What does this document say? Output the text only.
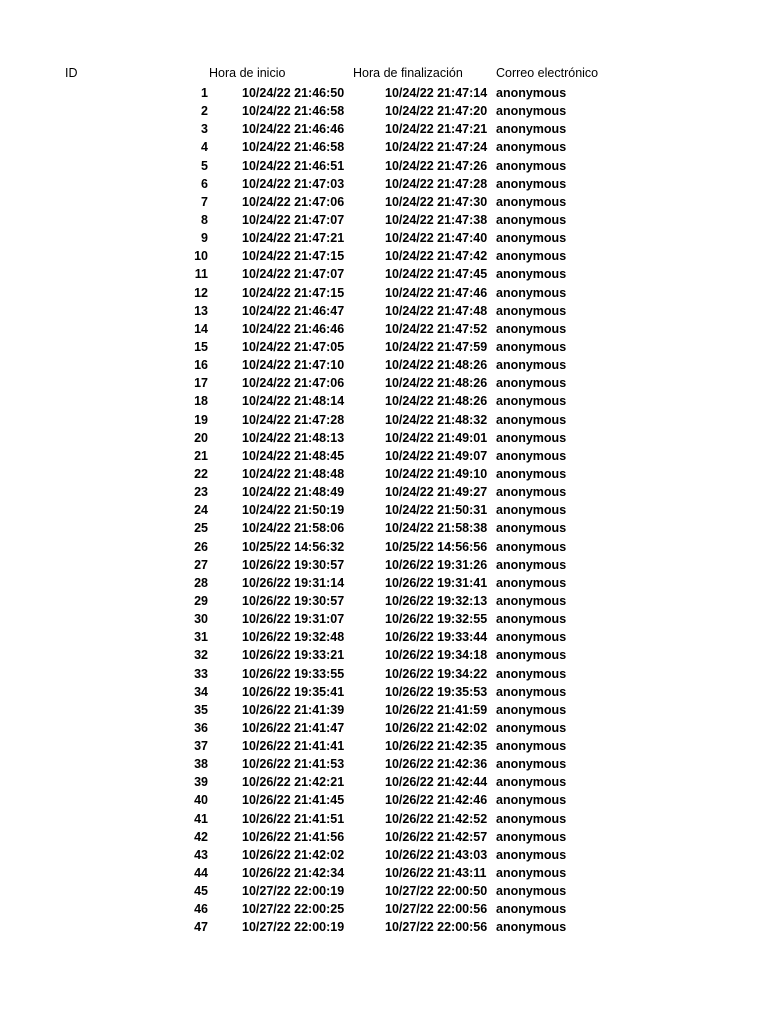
ID	Hora de inicio	Hora de finalización	Correo electrónico
1	10/24/22 21:46:50	10/24/22 21:47:14 anonymous
2	10/24/22 21:46:58	10/24/22 21:47:20 anonymous
3	10/24/22 21:46:46	10/24/22 21:47:21 anonymous
4	10/24/22 21:46:58	10/24/22 21:47:24 anonymous
5	10/24/22 21:46:51	10/24/22 21:47:26 anonymous
6	10/24/22 21:47:03	10/24/22 21:47:28 anonymous
7	10/24/22 21:47:06	10/24/22 21:47:30 anonymous
8	10/24/22 21:47:07	10/24/22 21:47:38 anonymous
9	10/24/22 21:47:21	10/24/22 21:47:40 anonymous
10	10/24/22 21:47:15	10/24/22 21:47:42 anonymous
11	10/24/22 21:47:07	10/24/22 21:47:45 anonymous
12	10/24/22 21:47:15	10/24/22 21:47:46 anonymous
13	10/24/22 21:46:47	10/24/22 21:47:48 anonymous
14	10/24/22 21:46:46	10/24/22 21:47:52 anonymous
15	10/24/22 21:47:05	10/24/22 21:47:59 anonymous
16	10/24/22 21:47:10	10/24/22 21:48:26 anonymous
17	10/24/22 21:47:06	10/24/22 21:48:26 anonymous
18	10/24/22 21:48:14	10/24/22 21:48:26 anonymous
19	10/24/22 21:47:28	10/24/22 21:48:32 anonymous
20	10/24/22 21:48:13	10/24/22 21:49:01 anonymous
21	10/24/22 21:48:45	10/24/22 21:49:07 anonymous
22	10/24/22 21:48:48	10/24/22 21:49:10 anonymous
23	10/24/22 21:48:49	10/24/22 21:49:27 anonymous
24	10/24/22 21:50:19	10/24/22 21:50:31 anonymous
25	10/24/22 21:58:06	10/24/22 21:58:38 anonymous
26	10/25/22 14:56:32	10/25/22 14:56:56 anonymous
27	10/26/22 19:30:57	10/26/22 19:31:26 anonymous
28	10/26/22 19:31:14	10/26/22 19:31:41 anonymous
29	10/26/22 19:30:57	10/26/22 19:32:13 anonymous
30	10/26/22 19:31:07	10/26/22 19:32:55 anonymous
31	10/26/22 19:32:48	10/26/22 19:33:44 anonymous
32	10/26/22 19:33:21	10/26/22 19:34:18 anonymous
33	10/26/22 19:33:55	10/26/22 19:34:22 anonymous
34	10/26/22 19:35:41	10/26/22 19:35:53 anonymous
35	10/26/22 21:41:39	10/26/22 21:41:59 anonymous
36	10/26/22 21:41:47	10/26/22 21:42:02 anonymous
37	10/26/22 21:41:41	10/26/22 21:42:35 anonymous
38	10/26/22 21:41:53	10/26/22 21:42:36 anonymous
39	10/26/22 21:42:21	10/26/22 21:42:44 anonymous
40	10/26/22 21:41:45	10/26/22 21:42:46 anonymous
41	10/26/22 21:41:51	10/26/22 21:42:52 anonymous
42	10/26/22 21:41:56	10/26/22 21:42:57 anonymous
43	10/26/22 21:42:02	10/26/22 21:43:03 anonymous
44	10/26/22 21:42:34	10/26/22 21:43:11 anonymous
45	10/27/22 22:00:19	10/27/22 22:00:50 anonymous
46	10/27/22 22:00:25	10/27/22 22:00:56 anonymous
47	10/27/22 22:00:19	10/27/22 22:00:56 anonymous
